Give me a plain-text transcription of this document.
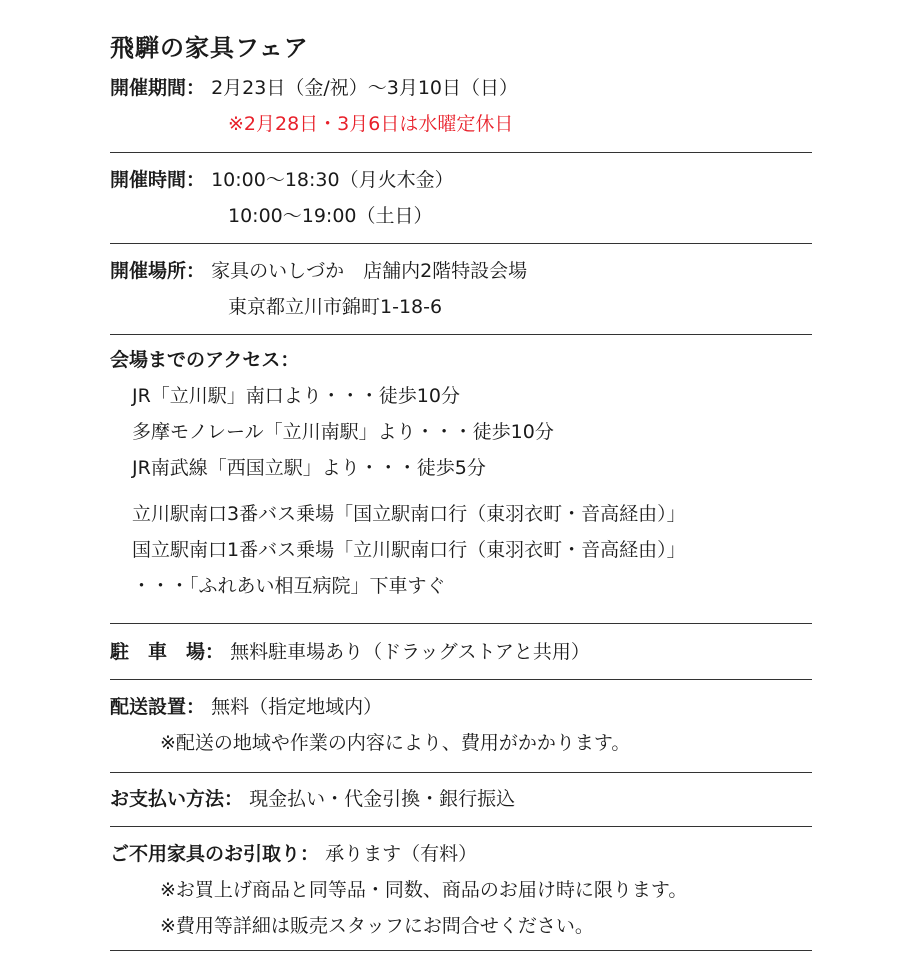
飛騨の家具フェア
開催期間： 2月23日（金/祝）～3月10日（日）
※2月28日・3月6日は水曜定休日
開催時間： 10:00～18:30（月火木金）
10:00～19:00（土日）
開催場所： 家具のいしづか　店舗内2階特設会場
東京都立川市錦町1-18-6
会場までのアクセス：
JR「立川駅」南口より・・・徒歩10分
多摩モノレール「立川南駅」より・・・徒歩10分
JR南武線「西国立駅」より・・・徒歩5分
立川駅南口3番バス乗場「国立駅南口行（東羽衣町・音高経由）」
国立駅南口1番バス乗場「立川駅南口行（東羽衣町・音高経由）」
・・・「ふれあい相互病院」下車すぐ
駐　車　場： 無料駐車場あり（ドラッグストアと共用）
配送設置： 無料（指定地域内）
※配送の地域や作業の内容により、費用がかかります。
お支払い方法： 現金払い・代金引換・銀行振込
ご不用家具のお引取り： 承ります（有料）
※お買上げ商品と同等品・同数、商品のお届け時に限ります。
※費用等詳細は販売スタッフにお問合せください。
